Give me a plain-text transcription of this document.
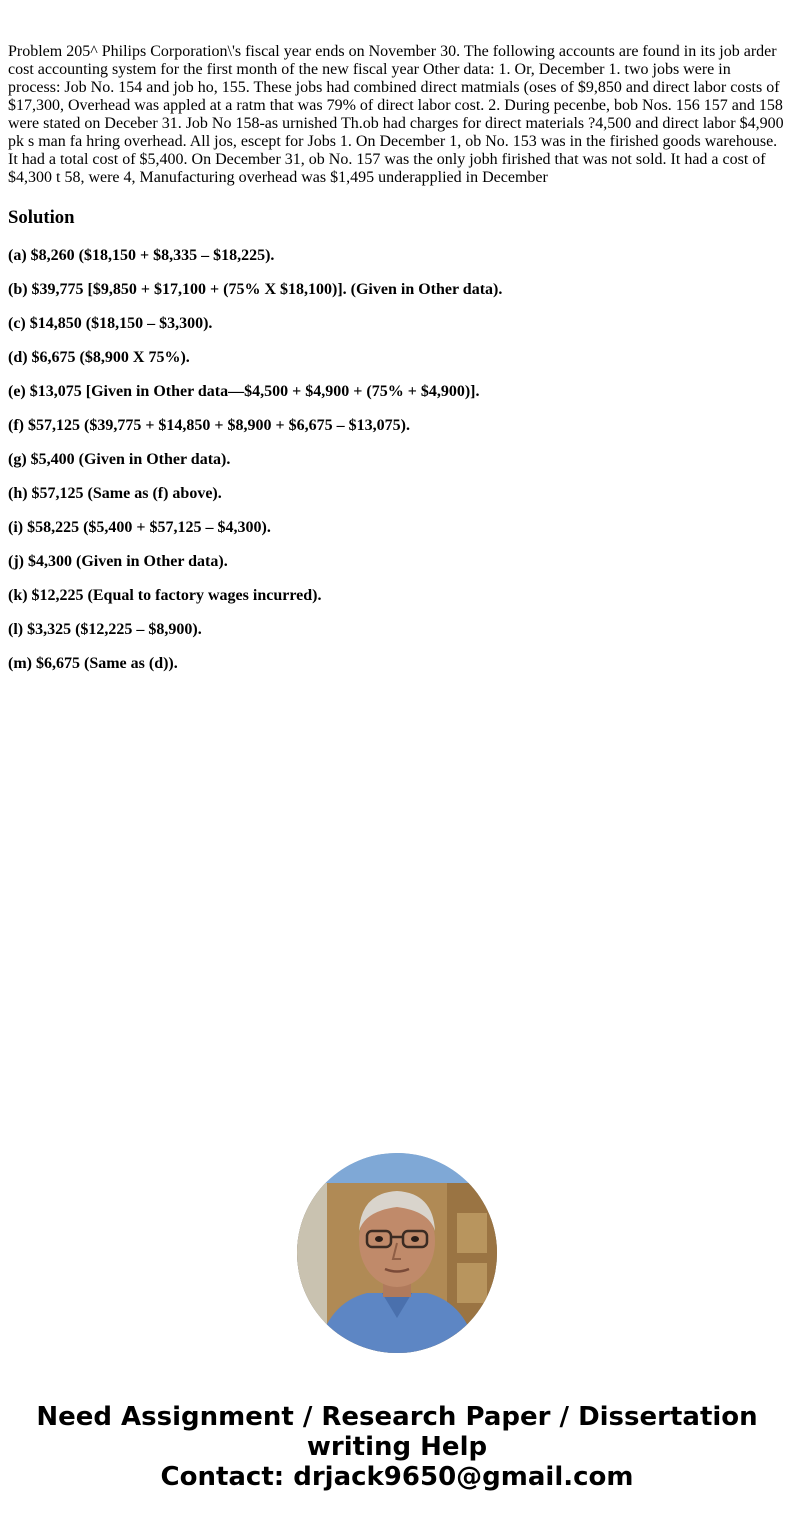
Problem 205^ Philips Corporation\'s fiscal year ends on November 30. The following accounts are found in its job arder cost accounting system for the first month of the new fiscal year Other data: 1. Or, December 1. two jobs were in process: Job No. 154 and job ho, 155. These jobs had combined direct matmials (oses of $9,850 and direct labor costs of $17,300, Overhead was appled at a ratm that was 79% of direct labor cost. 2. During pecenbe, bob Nos. 156 157 and 158 were stated on Deceber 31. Job No 158-as urnished Th.ob had charges for direct materials ?4,500 and direct labor $4,900 pk s man fa hring overhead. All jos, escept for Jobs 1. On December 1, ob No. 153 was in the firished goods warehouse. It had a total cost of $5,400. On December 31, ob No. 157 was the only jobh firished that was not sold. It had a cost of $4,300 t 58, were 4, Manufacturing overhead was $1,495 underapplied in December

Solution

(a) $8,260 ($18,150 + $8,335 – $18,225).

(b) $39,775 [$9,850 + $17,100 + (75% X $18,100)]. (Given in Other data).

(c) $14,850 ($18,150 – $3,300).

(d) $6,675 ($8,900 X 75%).

(e) $13,075 [Given in Other data—$4,500 + $4,900 + (75% + $4,900)].

(f) $57,125 ($39,775 + $14,850 + $8,900 + $6,675 – $13,075).

(g) $5,400 (Given in Other data).

(h) $57,125 (Same as (f) above).

(i) $58,225 ($5,400 + $57,125 – $4,300).

(j) $4,300 (Given in Other data).

(k) $12,225 (Equal to factory wages incurred).

(l) $3,325 ($12,225 – $8,900).

(m) $6,675 (Same as (d)).

Need Assignment / Research Paper / Dissertation
writing Help
Contact: drjack9650@gmail.com
